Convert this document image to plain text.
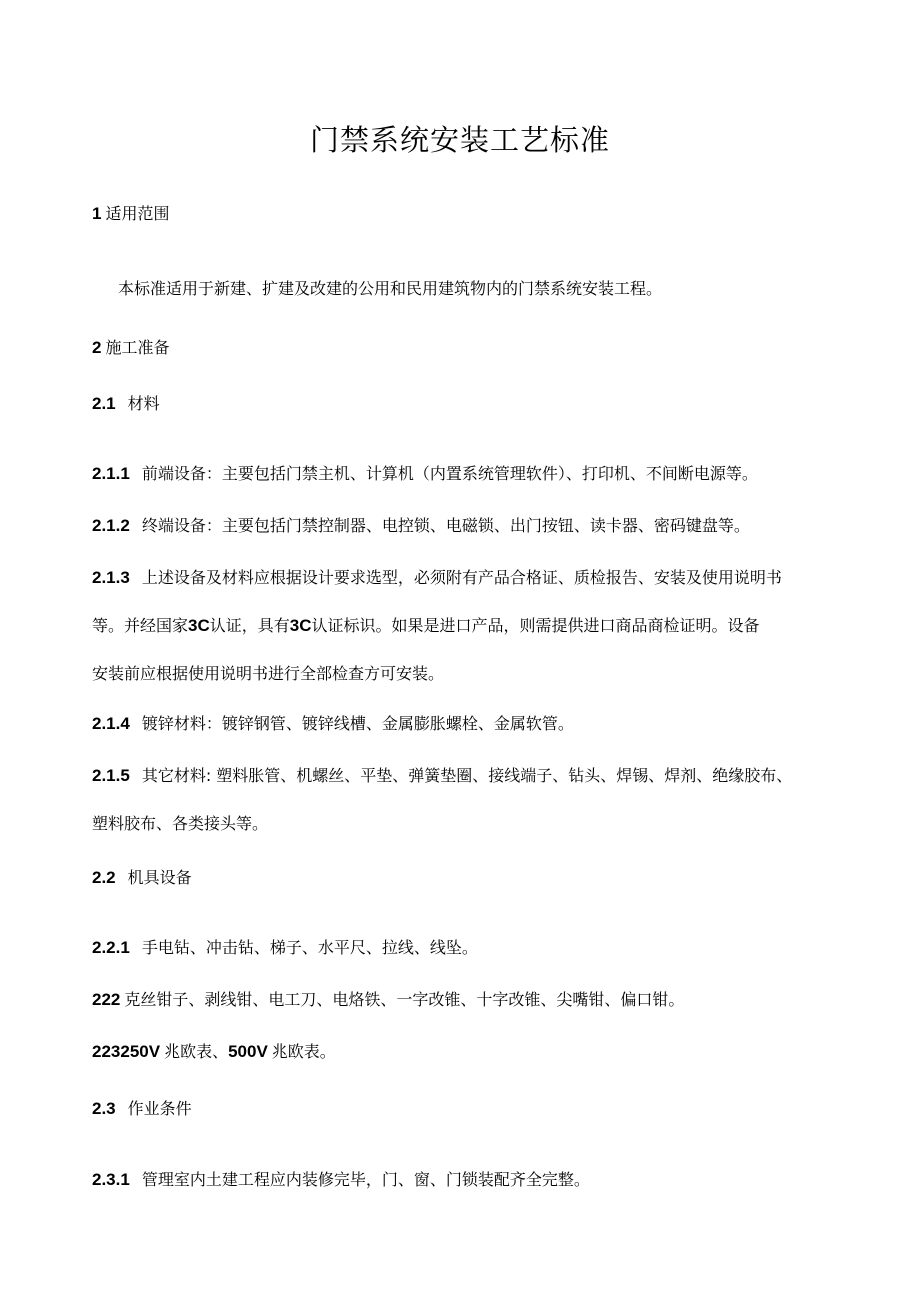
门禁系统安装工艺标准
1 适用范围
本标准适用于新建、扩建及改建的公用和民用建筑物内的门禁系统安装工程。
2 施工准备
2.1 材料
2.1.1 前端设备：主要包括门禁主机、计算机（内置系统管理软件）、打印机、不间断电源等。
2.1.2 终端设备：主要包括门禁控制器、电控锁、电磁锁、出门按钮、读卡器、密码键盘等。
2.1.3 上述设备及材料应根据设计要求选型，必须附有产品合格证、质检报告、安装及使用说明书
等。并经国家3C认证，具有3C认证标识。如果是进口产品，则需提供进口商品商检证明。设备
安装前应根据使用说明书进行全部检查方可安装。
2.1.4 镀锌材料：镀锌钢管、镀锌线槽、金属膨胀螺栓、金属软管。
2.1.5 其它材料: 塑料胀管、机螺丝、平垫、弹簧垫圈、接线端子、钻头、焊锡、焊剂、绝缘胶布、
塑料胶布、各类接头等。
2.2 机具设备
2.2.1 手电钻、冲击钻、梯子、水平尺、拉线、线坠。
222 克丝钳子、剥线钳、电工刀、电烙铁、一字改锥、十字改锥、尖嘴钳、偏口钳。
223250V 兆欧表、500V 兆欧表。
2.3 作业条件
2.3.1 管理室内土建工程应内装修完毕，门、窗、门锁装配齐全完整。
